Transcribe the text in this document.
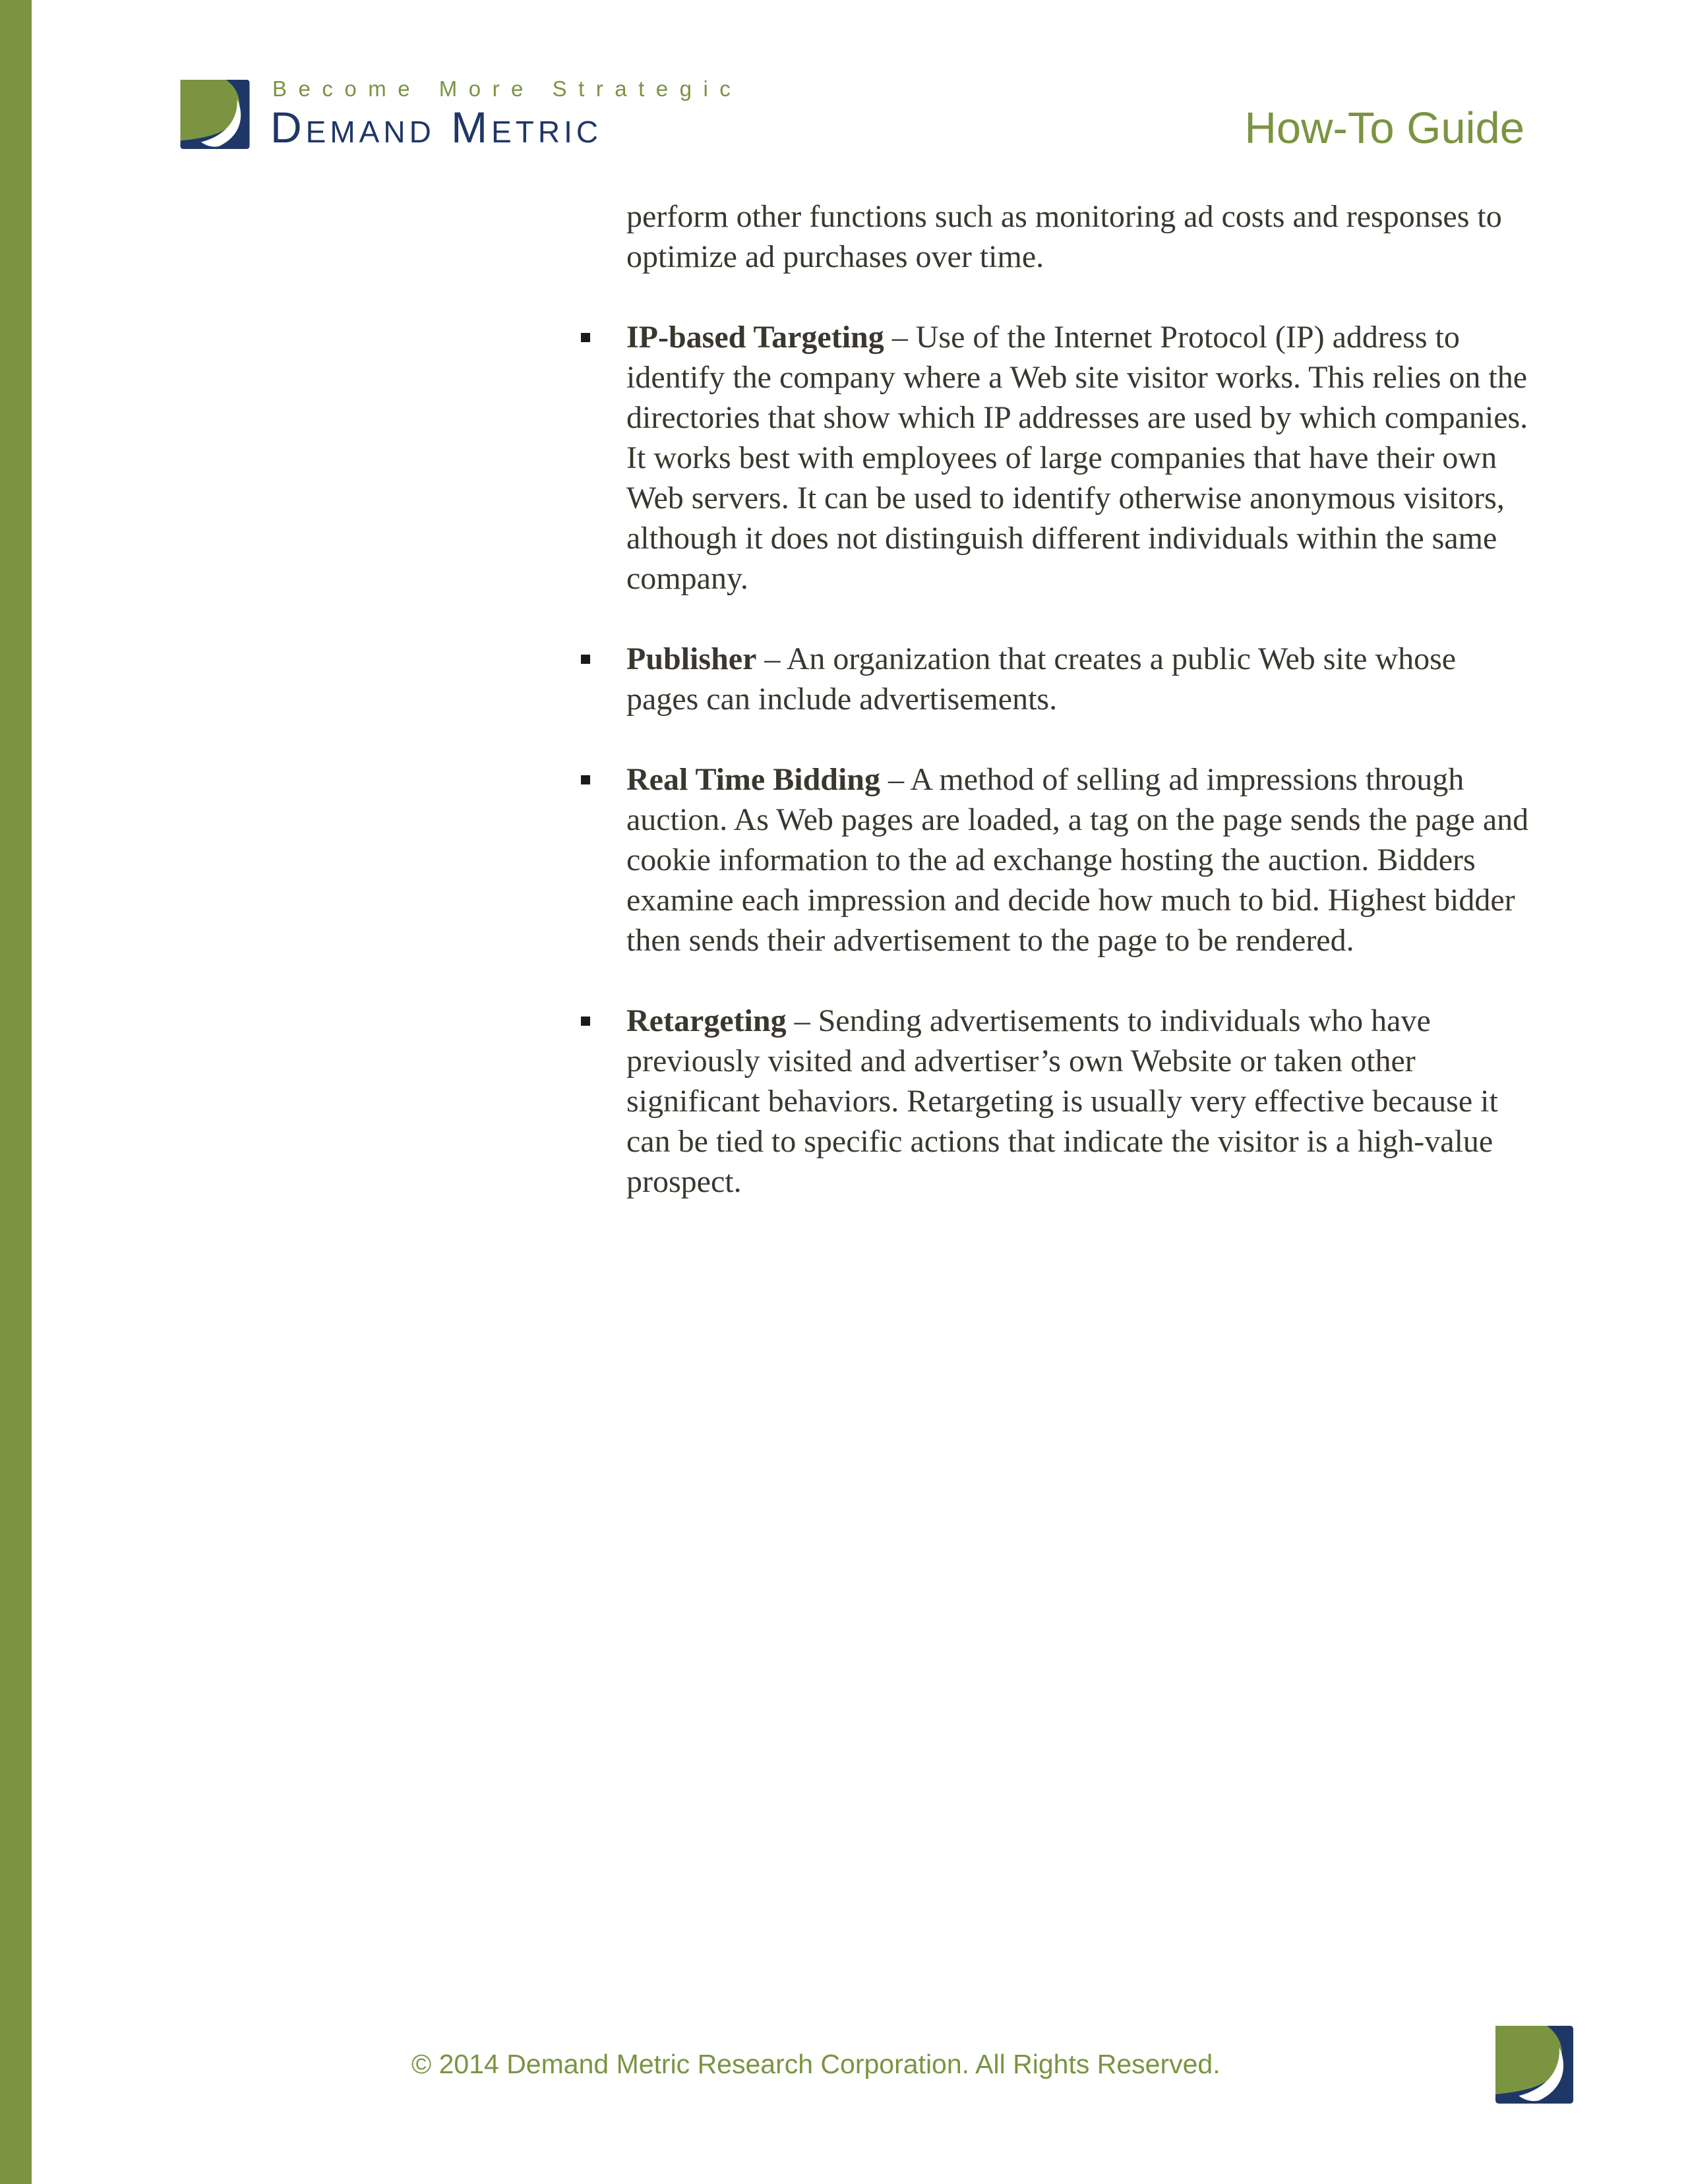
Become More Strategic
Demand Metric	How-To Guide

perform other functions such as monitoring ad costs and responses to optimize ad purchases over time.

IP-based Targeting – Use of the Internet Protocol (IP) address to identify the company where a Web site visitor works. This relies on the directories that show which IP addresses are used by which companies. It works best with employees of large companies that have their own Web servers. It can be used to identify otherwise anonymous visitors, although it does not distinguish different individuals within the same company.
Publisher – An organization that creates a public Web site whose pages can include advertisements.
Real Time Bidding – A method of selling ad impressions through auction. As Web pages are loaded, a tag on the page sends the page and cookie information to the ad exchange hosting the auction. Bidders examine each impression and decide how much to bid. Highest bidder then sends their advertisement to the page to be rendered.
Retargeting – Sending advertisements to individuals who have previously visited and advertiser’s own Website or taken other significant behaviors. Retargeting is usually very effective because it can be tied to specific actions that indicate the visitor is a high-value prospect.
© 2014 Demand Metric Research Corporation. All Rights Reserved.
